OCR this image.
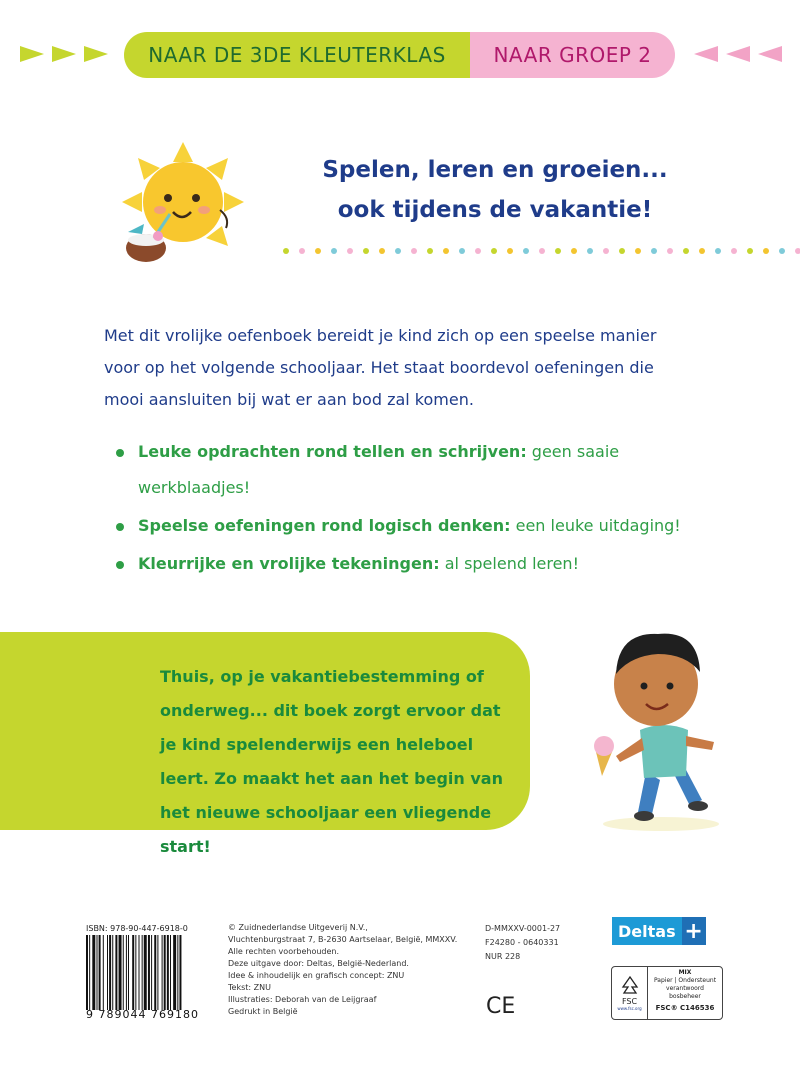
NAAR DE 3DE KLEUTERKLAS NAAR GROEP 2
Spelen, leren en groeien...
ook tijdens de vakantie!

Met dit vrolijke oefenboek bereidt je kind zich op een speelse manier voor op het volgende schooljaar. Het staat boordevol oefeningen die mooi aansluiten bij wat er aan bod zal komen.

Leuke opdrachten rond tellen en schrijven: geen saaie werkblaadjes!
Speelse oefeningen rond logisch denken: een leuke uitdaging!
Kleurrijke en vrolijke tekeningen: al spelend leren!

Thuis, op je vakantiebestemming of onderweg... dit boek zorgt ervoor dat je kind spelenderwijs een heleboel leert. Zo maakt het aan het begin van het nieuwe schooljaar een vliegende start!

ISBN: 978-90-447-6918-0
9 789044 769180
© Zuidnederlandse Uitgeverij N.V.,
Vluchtenburgstraat 7, B-2630 Aartselaar, België, MMXXV.
Alle rechten voorbehouden.
Deze uitgave door: Deltas, België-Nederland.
Idee & inhoudelijk en grafisch concept: ZNU
Tekst: ZNU
Illustraties: Deborah van de Leijgraaf
Gedrukt in België
D-MMXXV-0001-27
F24280 - 0640331
NUR 228
CE
Deltas +
FSC
www.fsc.org
MIX
Papier | Ondersteunt
verantwoord bosbeheer
FSC® C146536
